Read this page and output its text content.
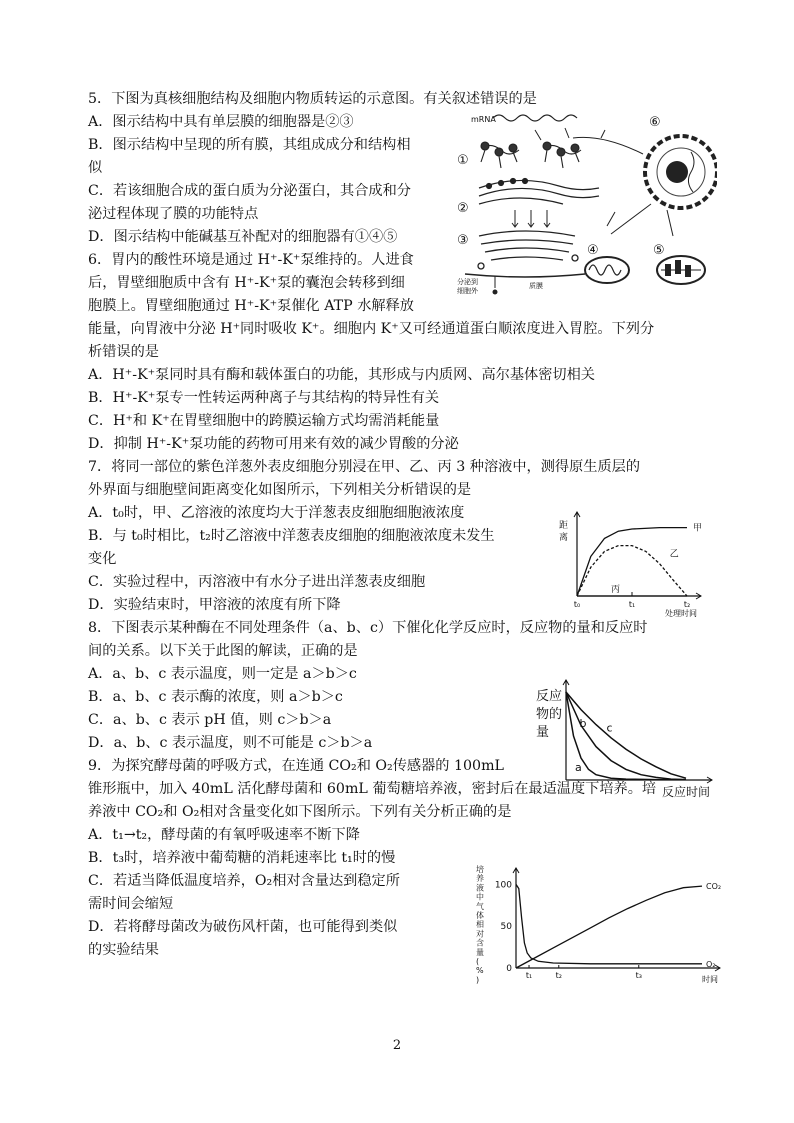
5．下图为真核细胞结构及细胞内物质转运的示意图。有关叙述错误的是
A．图示结构中具有单层膜的细胞器是②③
B．图示结构中呈现的所有膜，其组成成分和结构相
似
C．若该细胞合成的蛋白质为分泌蛋白，其合成和分
泌过程体现了膜的功能特点
D．图示结构中能碱基互补配对的细胞器有①④⑤
mRNA
①
②
③
④	⑤
⑥
分泌到
细胞外
质膜
6．胃内的酸性环境是通过 H⁺-K⁺泵维持的。人进食
后，胃壁细胞质中含有 H⁺-K⁺泵的囊泡会转移到细
胞膜上。胃壁细胞通过 H⁺-K⁺泵催化 ATP 水解释放
能量，向胃液中分泌 H⁺同时吸收 K⁺。细胞内 K⁺又可经通道蛋白顺浓度进入胃腔。下列分
析错误的是
A．H⁺-K⁺泵同时具有酶和载体蛋白的功能，其形成与内质网、高尔基体密切相关
B．H⁺-K⁺泵专一性转运两种离子与其结构的特异性有关
C．H⁺和 K⁺在胃壁细胞中的跨膜运输方式均需消耗能量
D．抑制 H⁺-K⁺泵功能的药物可用来有效的减少胃酸的分泌
7．将同一部位的紫色洋葱外表皮细胞分别浸在甲、乙、丙 3 种溶液中，测得原生质层的
外界面与细胞壁间距离变化如图所示，下列相关分析错误的是
A．t₀时，甲、乙溶液的浓度均大于洋葱表皮细胞细胞液浓度
B．与 t₀时相比，t₂时乙溶液中洋葱表皮细胞的细胞液浓度未发生
变化
C．实验过程中，丙溶液中有水分子进出洋葱表皮细胞
D．实验结束时，甲溶液的浓度有所下降
距
离
处理时间
t₀	t₁	t₂
甲
乙
丙
8．下图表示某种酶在不同处理条件（a、b、c）下催化化学反应时，反应物的量和反应时
间的关系。以下关于此图的解读，正确的是
A．a、b、c 表示温度，则一定是 a＞b＞c
B．a、b、c 表示酶的浓度，则 a＞b＞c
C．a、b、c 表示 pH 值，则 c＞b＞a
D．a、b、c 表示温度，则不可能是 c＞b＞a
反应
物的
量
反应时间
c
b
a
9．为探究酵母菌的呼吸方式，在连通 CO₂和 O₂传感器的 100mL
锥形瓶中，加入 40mL 活化酵母菌和 60mL 葡萄糖培养液，密封后在最适温度下培养。培
养液中 CO₂和 O₂相对含量变化如下图所示。下列有关分析正确的是
A．t₁→t₂，酵母菌的有氧呼吸速率不断下降
B．t₃时，培养液中葡萄糖的消耗速率比 t₁时的慢
C．若适当降低温度培养，O₂相对含量达到稳定所
需时间会缩短
D．若将酵母菌改为破伤风杆菌，也可能得到类似
的实验结果
培
养
液
中
气
体
相
对
含
量
(
%
)
0
50
100
时间
t₁	t₂	t₃
CO₂
O₂
2
